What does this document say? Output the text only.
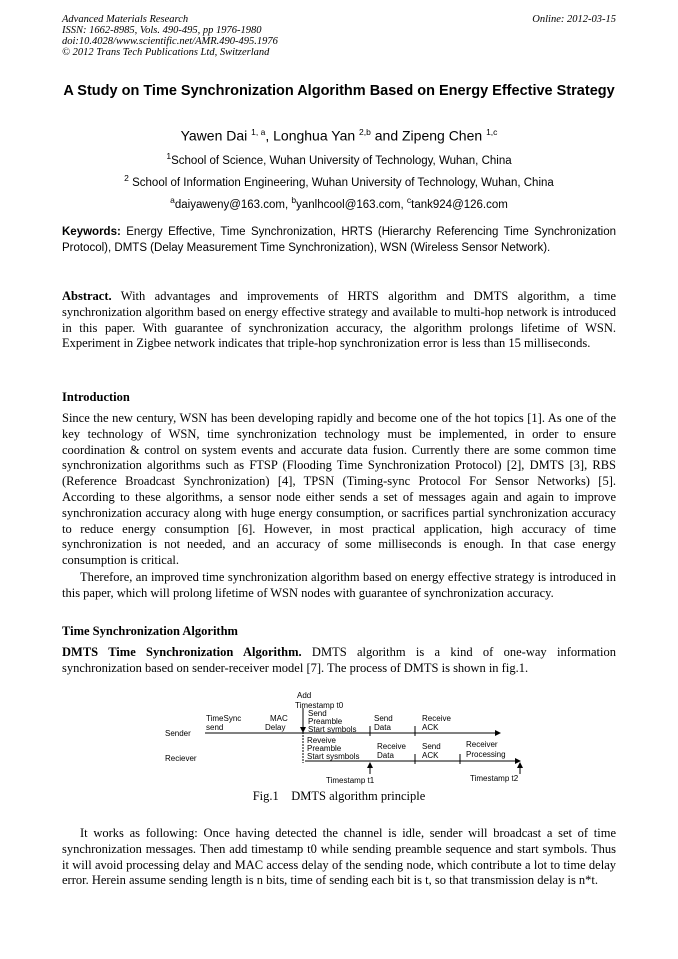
Advanced Materials Research
ISSN: 1662-8985, Vols. 490-495, pp 1976-1980
doi:10.4028/www.scientific.net/AMR.490-495.1976
© 2012 Trans Tech Publications Ltd, Switzerland
Online: 2012-03-15
A Study on Time Synchronization Algorithm Based on Energy Effective Strategy
Yawen Dai $^{1, a}$, Longhua Yan $^{2,b}$ and Zipeng Chen $^{1,c}$
$^1$School of Science, Wuhan University of Technology, Wuhan, China
$^2$ School of Information Engineering, Wuhan University of Technology, Wuhan, China
$^a$daiyaweny@163.com, $^b$yanlhcool@163.com, $^c$tank924@126.com
Keywords: Energy Effective, Time Synchronization, HRTS (Hierarchy Referencing Time Synchronization Protocol), DMTS (Delay Measurement Time Synchronization), WSN (Wireless Sensor Network).
Abstract. With advantages and improvements of HRTS algorithm and DMTS algorithm, a time synchronization algorithm based on energy effective strategy and available to multi-hop network is introduced in this paper. With guarantee of synchronization accuracy, the algorithm prolongs lifetime of WSN. Experiment in Zigbee network indicates that triple-hop synchronization error is less than 15 milliseconds.
Introduction
Since the new century, WSN has been developing rapidly and become one of the hot topics [1]. As one of the key technology of WSN, time synchronization technology must be implemented, in order to ensure coordination & control on system events and accurate data fusion. Currently there are some common time synchronization algorithms such as FTSP (Flooding Time Synchronization Protocol) [2], DMTS [3], RBS (Reference Broadcast Synchronization) [4], TPSN (Timing-sync Protocol For Sensor Networks) [5]. According to these algorithms, a sensor node either sends a set of messages again and again to improve synchronization accuracy along with huge energy consumption, or sacrifices partial synchronization accuracy to reduce energy consumption [6]. However, in most practical application, high accuracy of time synchronization is not needed, and an accuracy of some milliseconds is enough. In that case energy consumption is critical.
Therefore, an improved time synchronization algorithm based on energy effective strategy is introduced in this paper, which will prolong lifetime of WSN nodes with guarantee of synchronization accuracy.
Time Synchronization Algorithm
DMTS Time Synchronization Algorithm. DMTS algorithm is a kind of one-way information synchronization based on sender-receiver model [7]. The process of DMTS is shown in fig.1.
Add
Timestamp t0
Sender
Reciever
TimeSync
send
MAC
Delay
Send
Preamble
Start symbols
Send
Data
Receive
ACK
Reveive
Preamble
Start sysmbols
Receive
Data
Send
ACK
Receiver
Processing
Timestamp t1	Timestamp t2
Fig.1    DMTS algorithm principle
It works as following: Once having detected the channel is idle, sender will broadcast a set of time synchronization messages. Then add timestamp t0 while sending preamble sequence and start symbols. Thus it will avoid processing delay and MAC access delay of the sending node, which contribute a lot to time delay error. Herein assume sending length is n bits, time of sending each bit is t, so that transmission delay is n*t.
